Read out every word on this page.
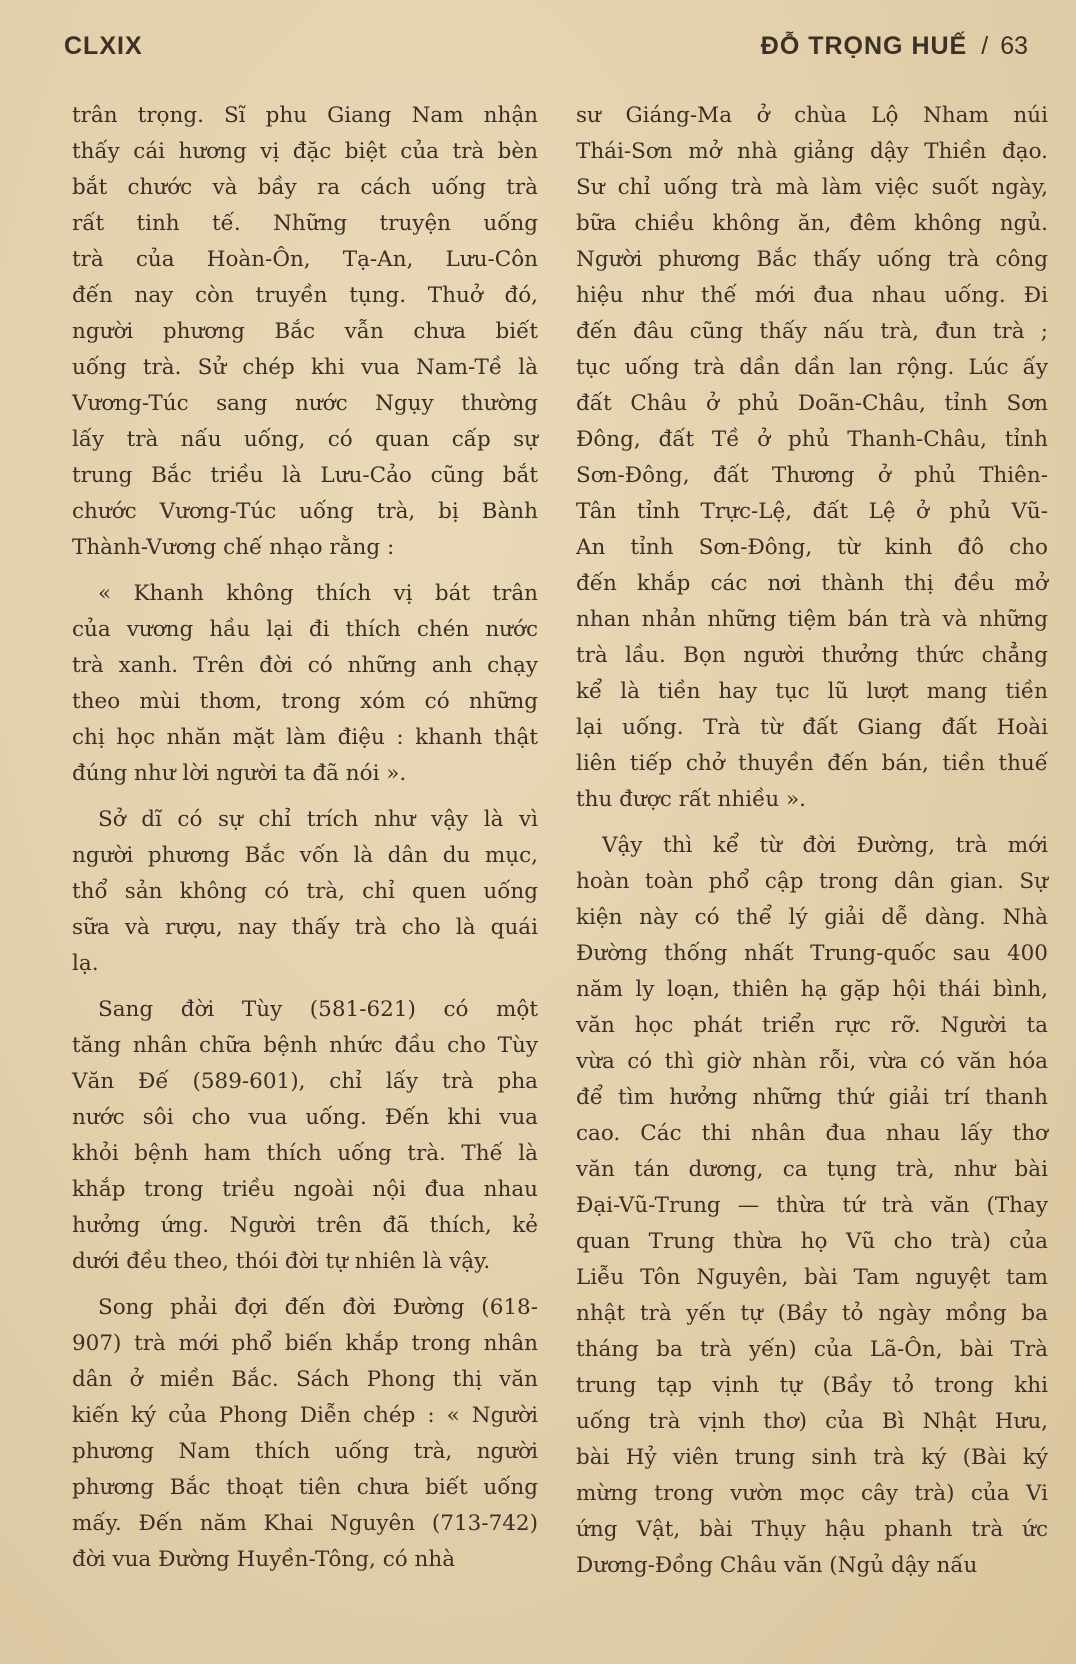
CLXIX	ĐỖ TRỌNG HUẾ / 63
trân trọng. Sĩ phu Giang Nam nhận
thấy cái hương vị đặc biệt của trà bèn
bắt chước và bầy ra cách uống trà
rất tinh tế. Những truyện uống
trà của Hoàn-Ôn, Tạ-An, Lưu-Côn
đến nay còn truyền tụng. Thuở đó,
người phương Bắc vẫn chưa biết
uống trà. Sử chép khi vua Nam-Tề là
Vương-Túc sang nước Ngụy thường
lấy trà nấu uống, có quan cấp sự
trung Bắc triều là Lưu-Cảo cũng bắt
chước Vương-Túc uống trà, bị Bành
Thành-Vương chế nhạo rằng :
« Khanh không thích vị bát trân
của vương hầu lại đi thích chén nước
trà xanh. Trên đời có những anh chạy
theo mùi thơm, trong xóm có những
chị học nhăn mặt làm điệu : khanh thật
đúng như lời người ta đã nói ».
Sở dĩ có sự chỉ trích như vậy là vì
người phương Bắc vốn là dân du mục,
thổ sản không có trà, chỉ quen uống
sữa và rượu, nay thấy trà cho là quái
lạ.
Sang đời Tùy (581-621) có một
tăng nhân chữa bệnh nhức đầu cho Tùy
Văn Đế (589-601), chỉ lấy trà pha
nước sôi cho vua uống. Đến khi vua
khỏi bệnh ham thích uống trà. Thế là
khắp trong triều ngoài nội đua nhau
hưởng ứng. Người trên đã thích, kẻ
dưới đều theo, thói đời tự nhiên là vậy.
Song phải đợi đến đời Đường (618-
907) trà mới phổ biến khắp trong nhân
dân ở miền Bắc. Sách Phong thị văn
kiến ký của Phong Diễn chép : « Người
phương Nam thích uống trà, người
phương Bắc thoạt tiên chưa biết uống
mấy. Đến năm Khai Nguyên (713-742)
đời vua Đường Huyền-Tông, có nhà
sư Giáng-Ma ở chùa Lộ Nham núi
Thái-Sơn mở nhà giảng dậy Thiền đạo.
Sư chỉ uống trà mà làm việc suốt ngày,
bữa chiều không ăn, đêm không ngủ.
Người phương Bắc thấy uống trà công
hiệu như thế mới đua nhau uống. Đi
đến đâu cũng thấy nấu trà, đun trà ;
tục uống trà dần dần lan rộng. Lúc ấy
đất Châu ở phủ Doãn-Châu, tỉnh Sơn
Đông, đất Tề ở phủ Thanh-Châu, tỉnh
Sơn-Đông, đất Thương ở phủ Thiên-
Tân tỉnh Trực-Lệ, đất Lệ ở phủ Vũ-
An tỉnh Sơn-Đông, từ kinh đô cho
đến khắp các nơi thành thị đều mở
nhan nhản những tiệm bán trà và những
trà lầu. Bọn người thưởng thức chẳng
kể là tiền hay tục lũ lượt mang tiền
lại uống. Trà từ đất Giang đất Hoài
liên tiếp chở thuyền đến bán, tiền thuế
thu được rất nhiều ».
Vậy thì kể từ đời Đường, trà mới
hoàn toàn phổ cập trong dân gian. Sự
kiện này có thể lý giải dễ dàng. Nhà
Đường thống nhất Trung-quốc sau 400
năm ly loạn, thiên hạ gặp hội thái bình,
văn học phát triển rực rỡ. Người ta
vừa có thì giờ nhàn rỗi, vừa có văn hóa
để tìm hưởng những thứ giải trí thanh
cao. Các thi nhân đua nhau lấy thơ
văn tán dương, ca tụng trà, như bài
Đại-Vũ-Trung — thừa tứ trà văn (Thay
quan Trung thừa họ Vũ cho trà) của
Liễu Tôn Nguyên, bài Tam nguyệt tam
nhật trà yến tự (Bầy tỏ ngày mồng ba
tháng ba trà yến) của Lã-Ôn, bài Trà
trung tạp vịnh tự (Bầy tỏ trong khi
uống trà vịnh thơ) của Bì Nhật Hưu,
bài Hỷ viên trung sinh trà ký (Bài ký
mừng trong vườn mọc cây trà) của Vi
ứng Vật, bài Thụy hậu phanh trà ức
Dương-Đồng Châu văn (Ngủ dậy nấu
